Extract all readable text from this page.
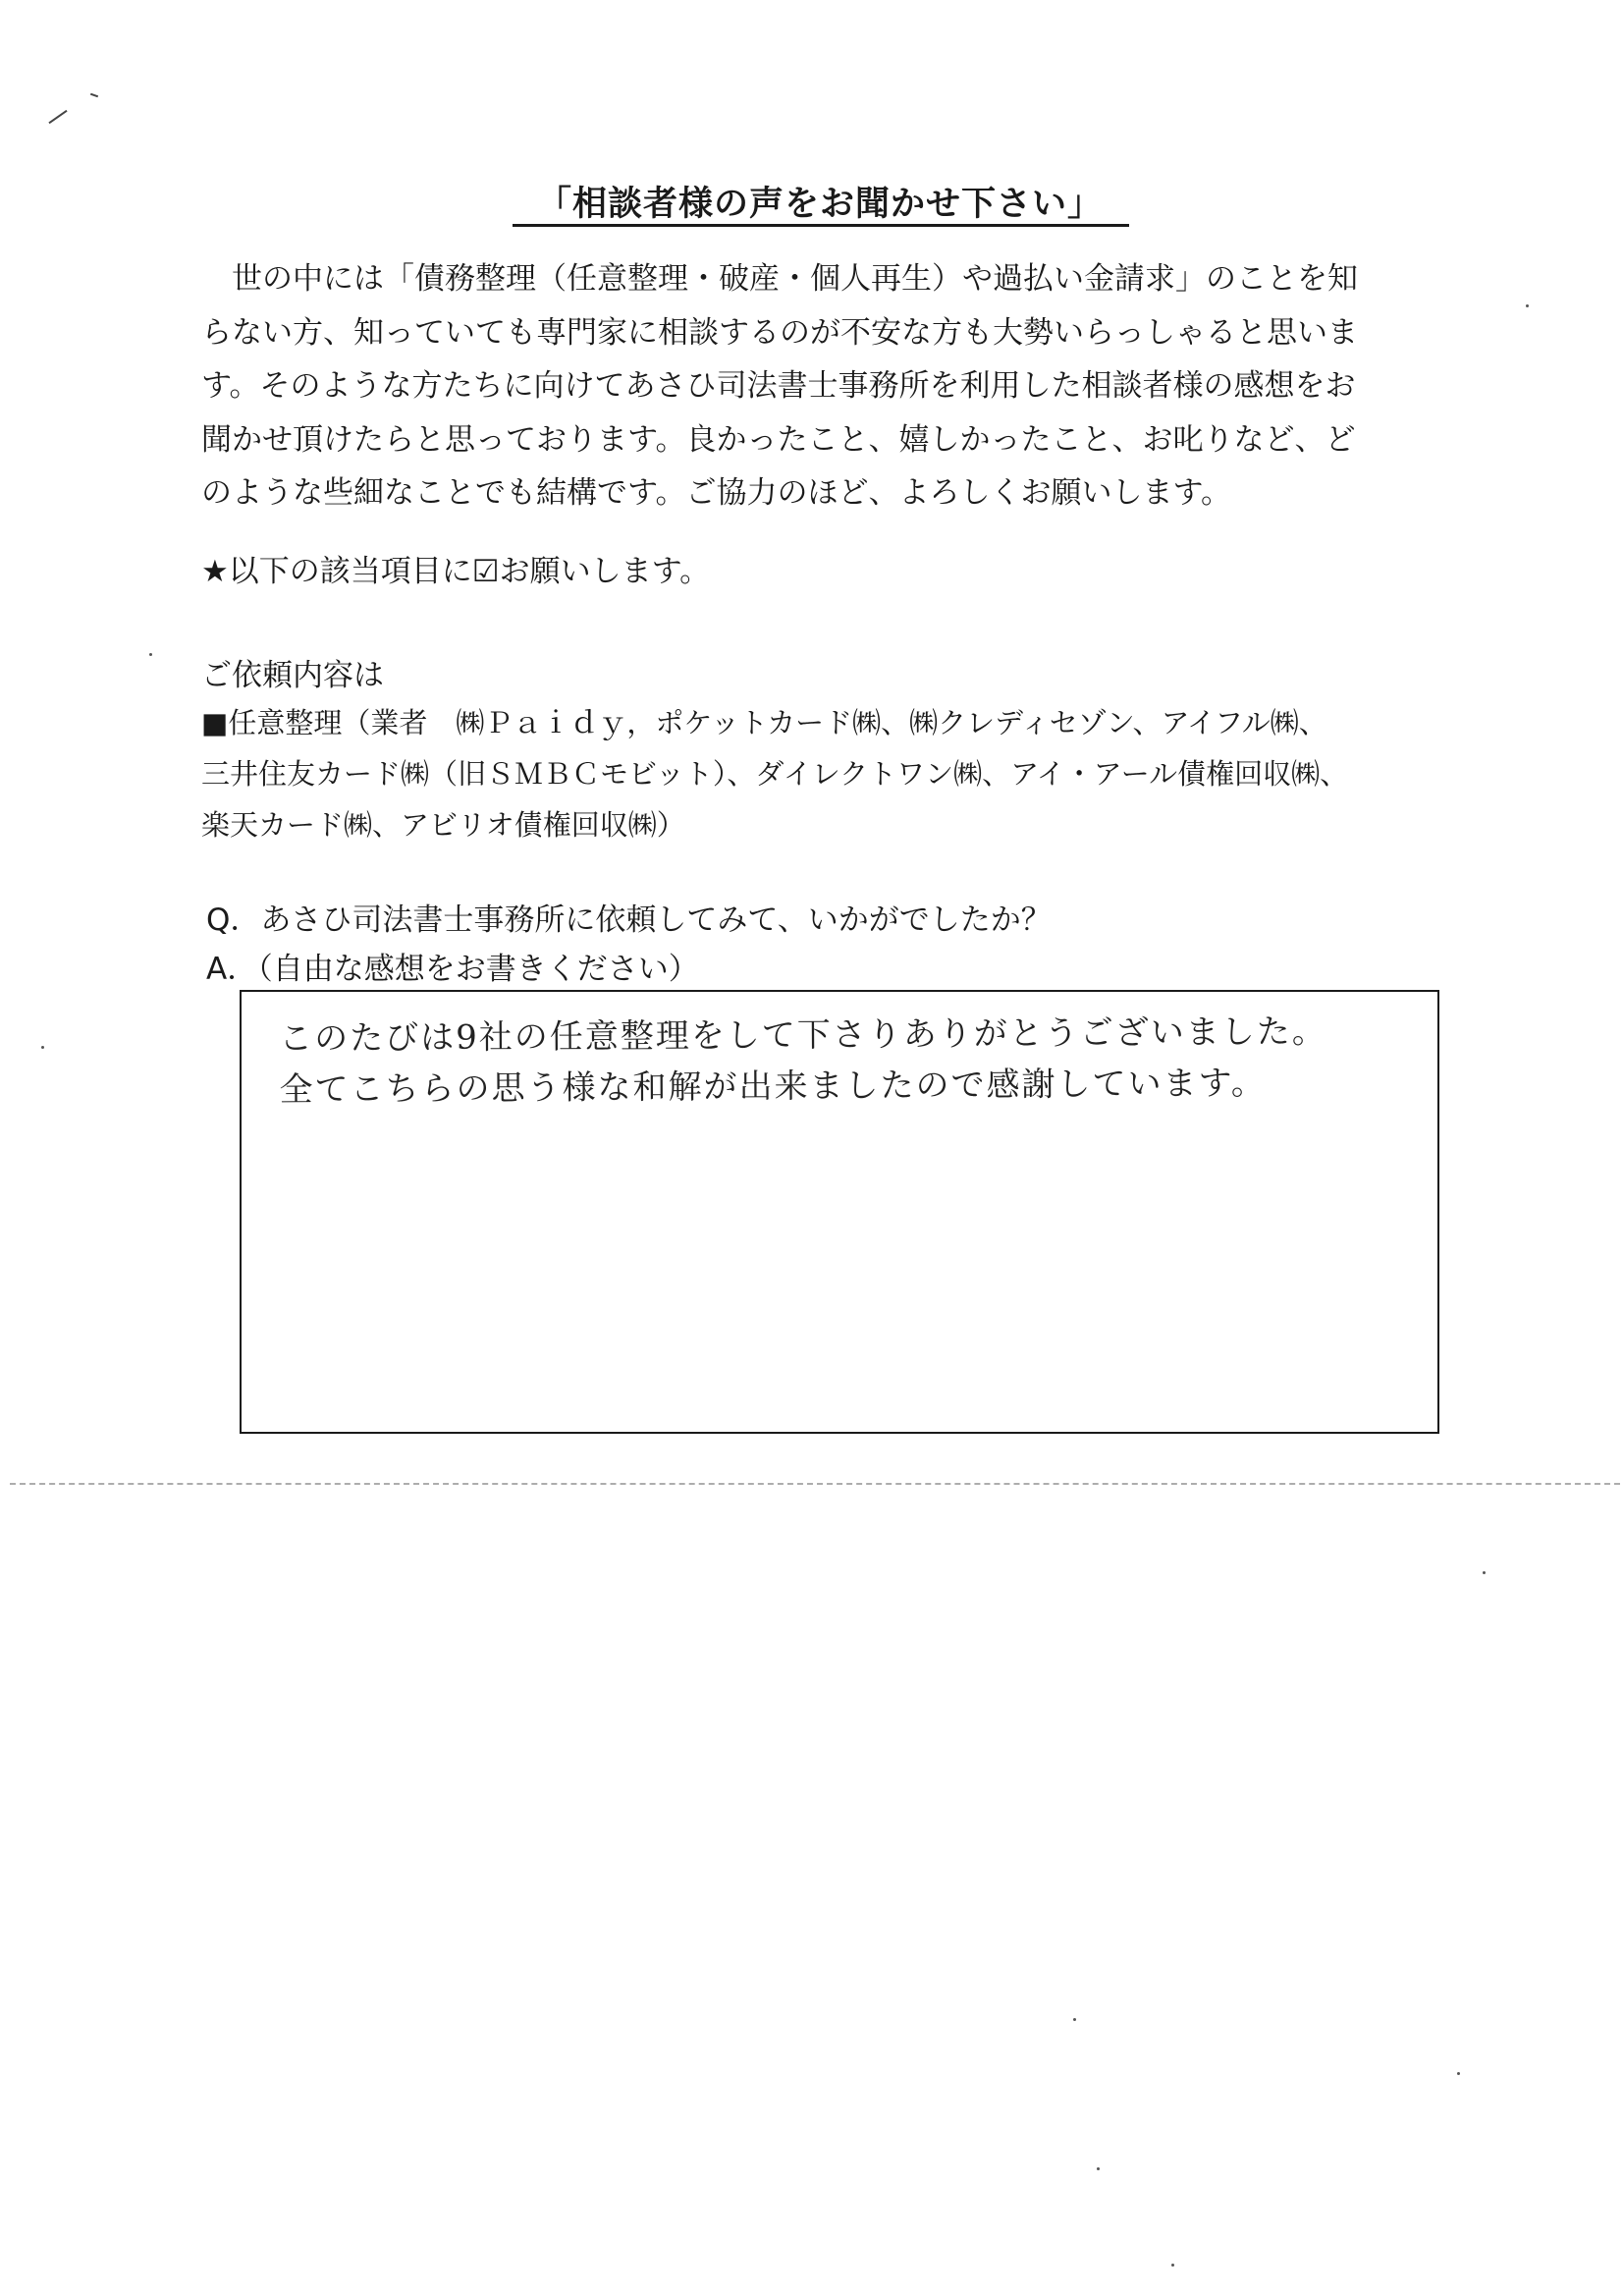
「相談者様の声をお聞かせ下さい」
　世の中には「債務整理（任意整理・破産・個人再生）や過払い金請求」のことを知
らない方、知っていても専門家に相談するのが不安な方も大勢いらっしゃると思いま
す。そのような方たちに向けてあさひ司法書士事務所を利用した相談者様の感想をお
聞かせ頂けたらと思っております。良かったこと、嬉しかったこと、お叱りなど、ど
のような些細なことでも結構です。ご協力のほど、よろしくお願いします。
★以下の該当項目に☑お願いします。
ご依頼内容は
■任意整理（業者　㈱Ｐａｉｄｙ，ポケットカード㈱、㈱クレディセゾン、アイフル㈱、
三井住友カード㈱（旧ＳＭＢＣモビット）、ダイレクトワン㈱、アイ・アール債権回収㈱、
楽天カード㈱、アビリオ債権回収㈱）
Q．あさひ司法書士事務所に依頼してみて、いかがでしたか？
A．（自由な感想をお書きください）
このたびは9社の任意整理をして下さりありがとうございました。
全てこちらの思う様な和解が出来ましたので感謝しています。
